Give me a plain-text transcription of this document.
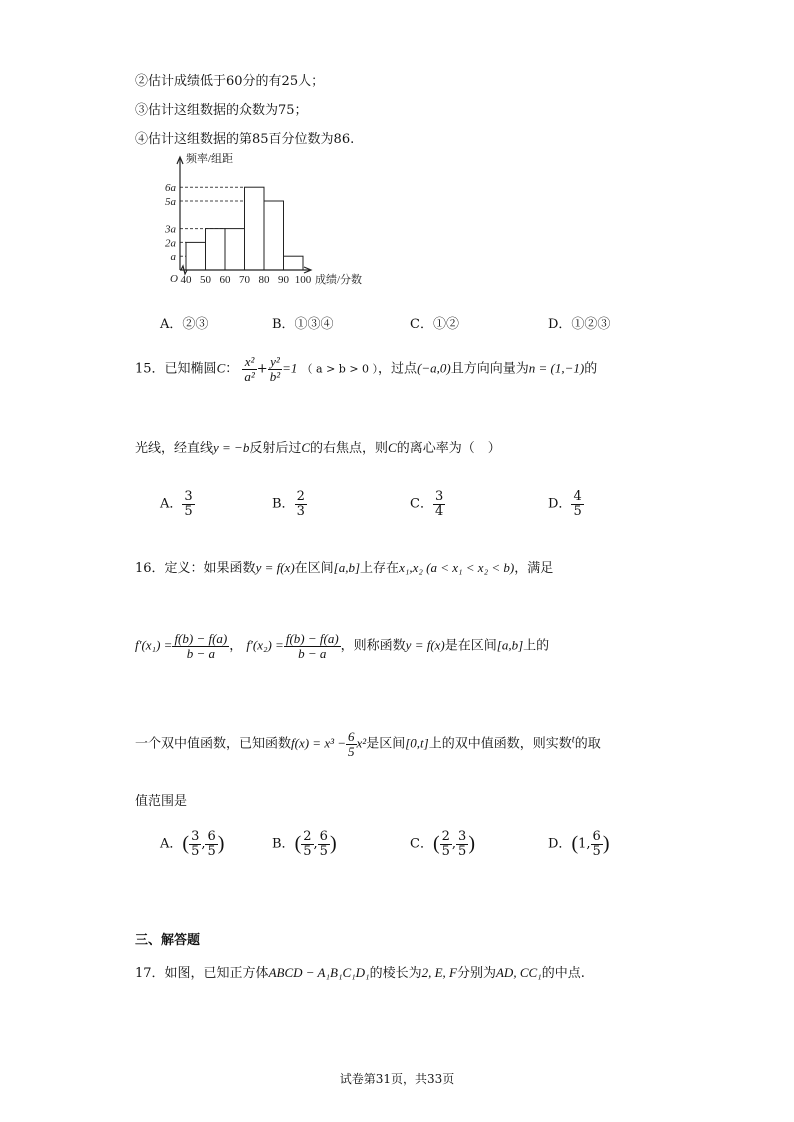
②估计成绩低于60分的有25人；
③估计这组数据的众数为75；
④估计这组数据的第85百分位数为86.
40 50 60 70 80 90 100
6a
5a
3a
2a
a
O
频率/组距
成绩/分数
A．②③	B．①③④	C．①②	D．①②③
15．已知椭圆C： $\frac{\text{x²}}{\text{a²}} + \frac{\text{y²}}{\text{b²}} =1$ （ a > b > 0 ），过点(−a,0)且方向向量为n = (1,−1)的
光线，经直线y = −b反射后过C的右焦点，则C的离心率为（　）
A． $\frac{3}{5}$	B． $\frac{2}{3}$	C． $\frac{3}{4}$	D． $\frac{4}{5}$
16．定义：如果函数y = f(x)在区间[a,b]上存在x₁,x₂ (a < x₁ < x₂ < b)，满足
$f'(x_1) = \frac{f(b) - f(a)}{b - a}$ ， $f'(x_2) = \frac{f(b) - f(a)}{b - a}$ ，则称函数y = f(x)是在区间[a,b]上的
一个双中值函数，已知函数$f(x) = x^3 - \frac{6}{5} x^2$是区间[0,t]上的双中值函数，则实数$^t$的取
值范围是
A．( $\frac{3}{5}$ , $\frac{6}{5}$ )	B．( $\frac{2}{5}$ , $\frac{6}{5}$ )	C．( $\frac{2}{5}$ , $\frac{3}{5}$ )	D．(1, $\frac{6}{5}$ )
三、解答题
17．如图，已知正方体ABCD − A₁B₁C₁D₁的棱长为2, E, F分别为AD, CC₁的中点.
试卷第31页，共33页
